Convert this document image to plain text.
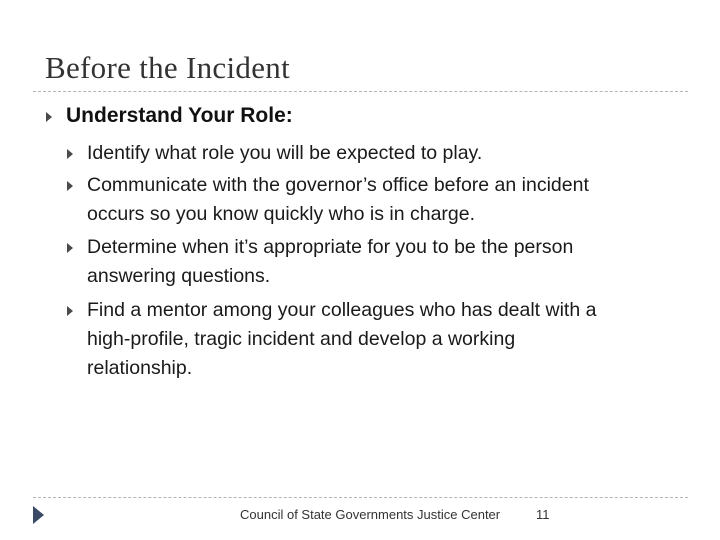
Before the Incident
Understand Your Role:
Identify what role you will be expected to play.
Communicate with the governor’s office before an incident
occurs so you know quickly who is in charge.
Determine when it’s appropriate for you to be the person
answering questions.
Find a mentor among your colleagues who has dealt with a
high-profile, tragic incident and develop a working
relationship.
Council of State Governments Justice Center	11
